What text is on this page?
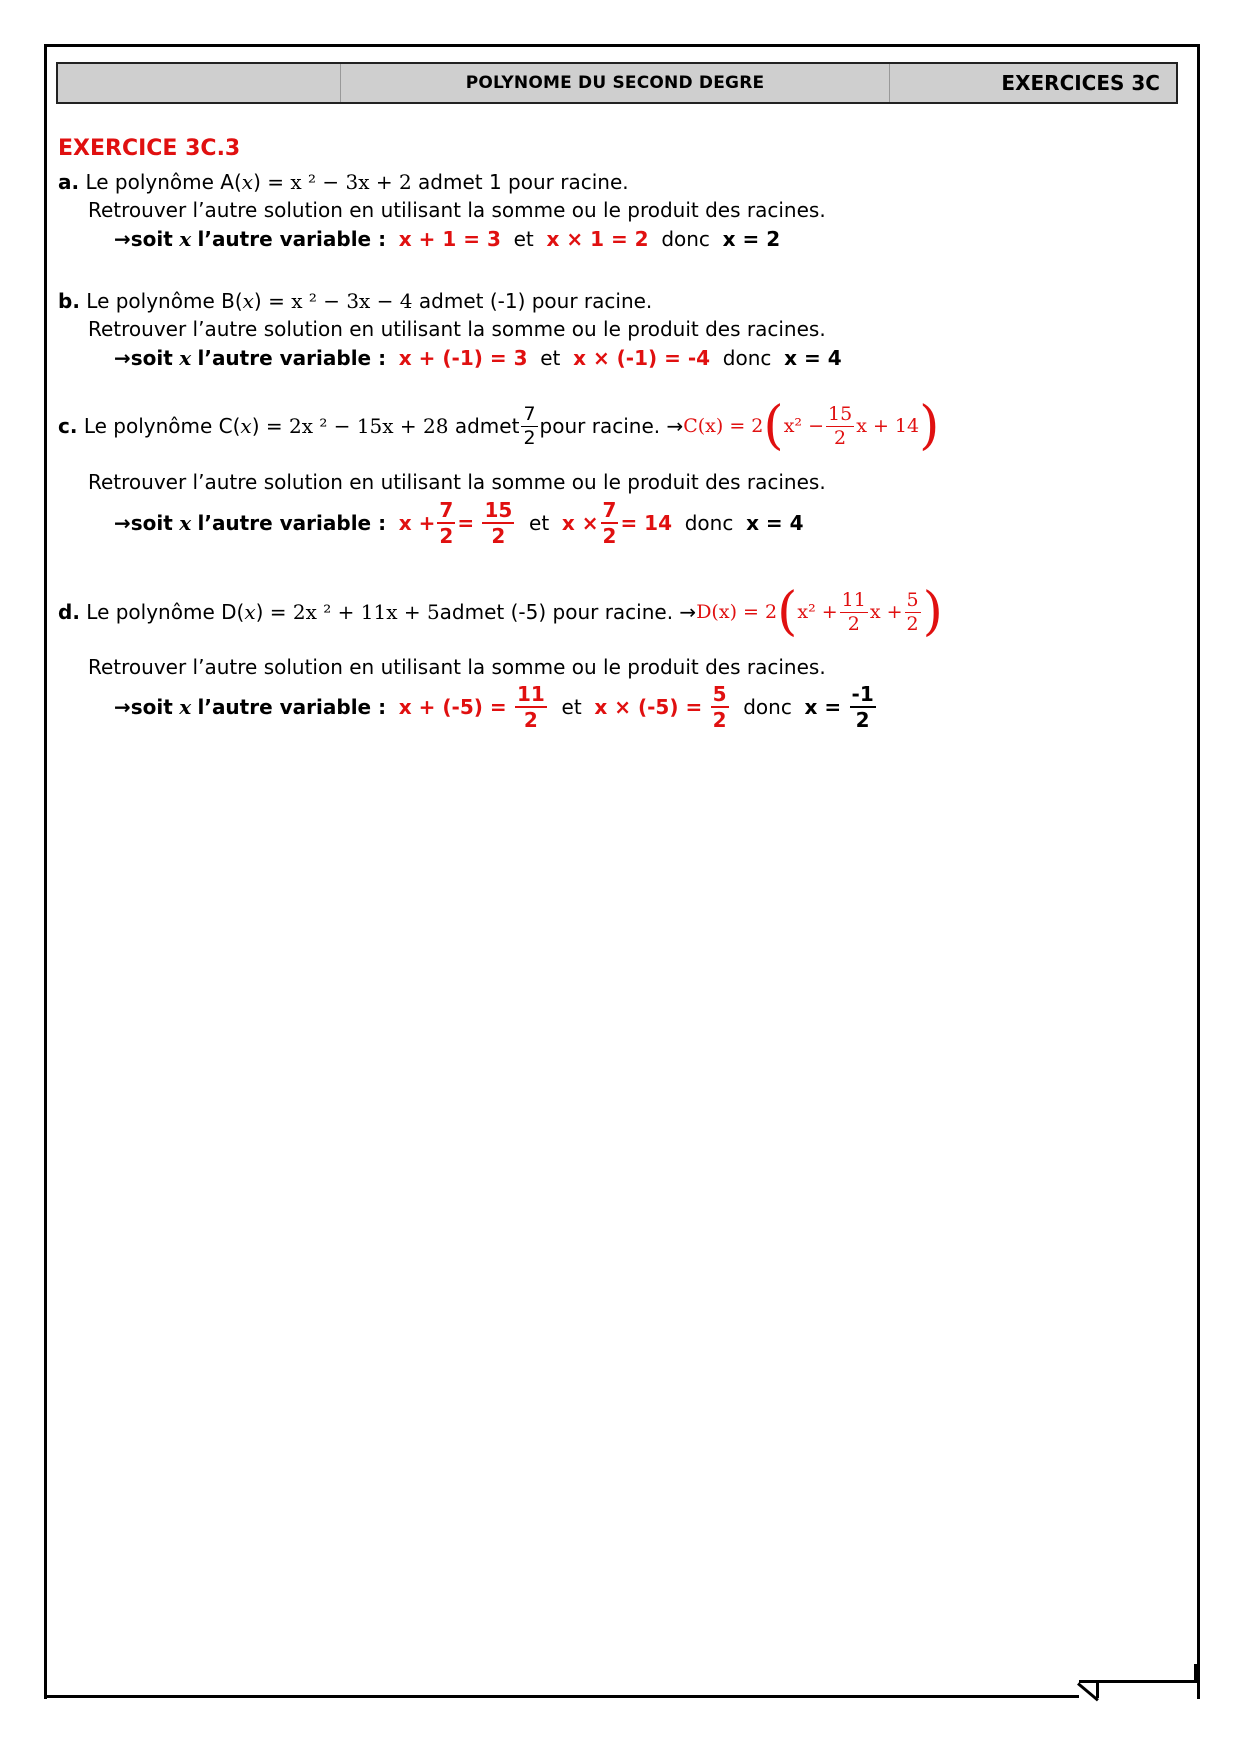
POLYNOME DU SECOND DEGRE	EXERCICES 3C
EXERCICE 3C.3
a. Le polynôme A(x) = x ² − 3x + 2 admet 1 pour racine.
Retrouver l’autre solution en utilisant la somme ou le produit des racines.
→soit x l’autre variable : x + 1 = 3 et x × 1 = 2 donc x = 2
b. Le polynôme B(x) = x ² − 3x − 4 admet (-1) pour racine.
Retrouver l’autre solution en utilisant la somme ou le produit des racines.
→soit x l’autre variable : x + (-1) = 3 et x × (-1) = -4 donc x = 4
c.
Le polynôme C( x ) = 2x ² − 15x + 28
admet $\frac{7}{2}$ pour racine. → C(x) = 2 ( $x^2 - \frac{15}{2}$ x + 14 )
Retrouver l’autre solution en utilisant la somme ou le produit des racines.
→ soit
x
l’autre variable :
$x + \frac{7}{2}$ =
$\frac{15}{2}$
et
$x \times \frac{7}{2} = 14$
donc
x = 4
d.
Le polynôme D( x ) = 2x ² + 11x + 5 admet (-5) pour racine. → D(x) = 2 ( $x^2 + \frac{11}{2}$ $x + \frac{5}{2}$ )
Retrouver l’autre solution en utilisant la somme ou le produit des racines.
→ soit
x
l’autre variable :
x + (-5) =
$\frac{11}{2}$
et
x × (-5) =
$\frac{5}{2}$
donc
x =
$\frac{-1}{2}$
